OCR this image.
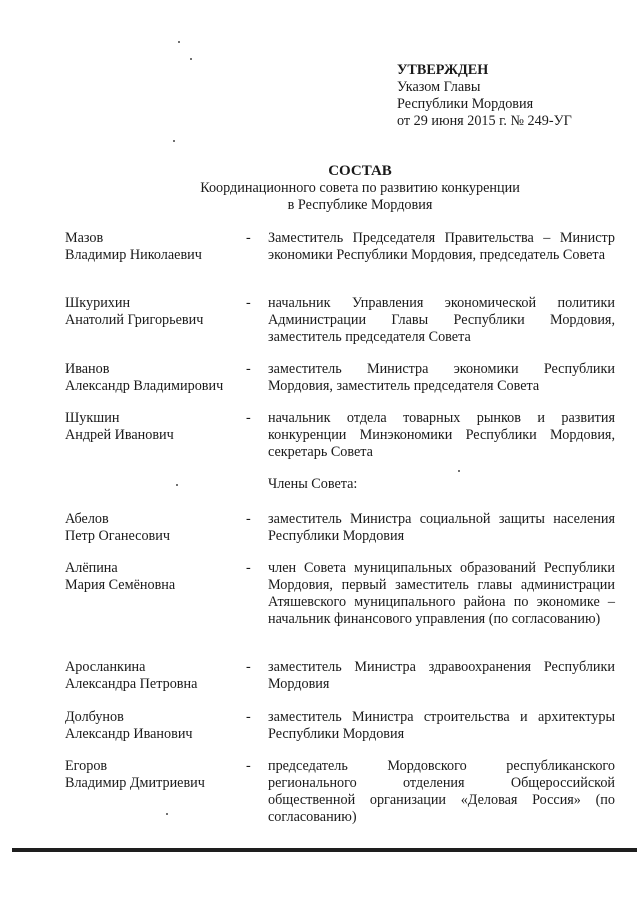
УТВЕРЖДЕН
Указом Главы
Республики Мордовия
от 29 июня 2015 г. № 249-УГ
СОСТАВ
Координационного совета по развитию конкуренции
в Республике Мордовия
Мазов
Владимир Николаевич
- Заместитель Председателя Правительства – Министр экономики Республики Мордовия, председатель Совета
Шкурихин
Анатолий Григорьевич
- начальник Управления экономической политики Администрации Главы Республики Мордовия, заместитель председателя Совета
Иванов
Александр Владимирович
- заместитель Министра экономики Республики Мордовия, заместитель председателя Совета
Шукшин
Андрей Иванович
- начальник отдела товарных рынков и развития конкуренции Минэкономики Республики Мордовия, секретарь Совета
Члены Совета:
Абелов
Петр Оганесович
- заместитель Министра социальной защиты населения Республики Мордовия
Алёпина
Мария Семёновна
- член Совета муниципальных образований Республики Мордовия, первый заместитель главы администрации Атяшевского муниципального района по экономике – начальник финансового управления (по согласованию)
Аросланкина
Александра Петровна
- заместитель Министра здравоохранения Республики Мордовия
Долбунов
Александр Иванович
- заместитель Министра строительства и архитектуры Республики Мордовия
Егоров
Владимир Дмитриевич
- председатель Мордовского республиканского регионального отделения Общероссийской общественной организации «Деловая Россия» (по согласованию)
